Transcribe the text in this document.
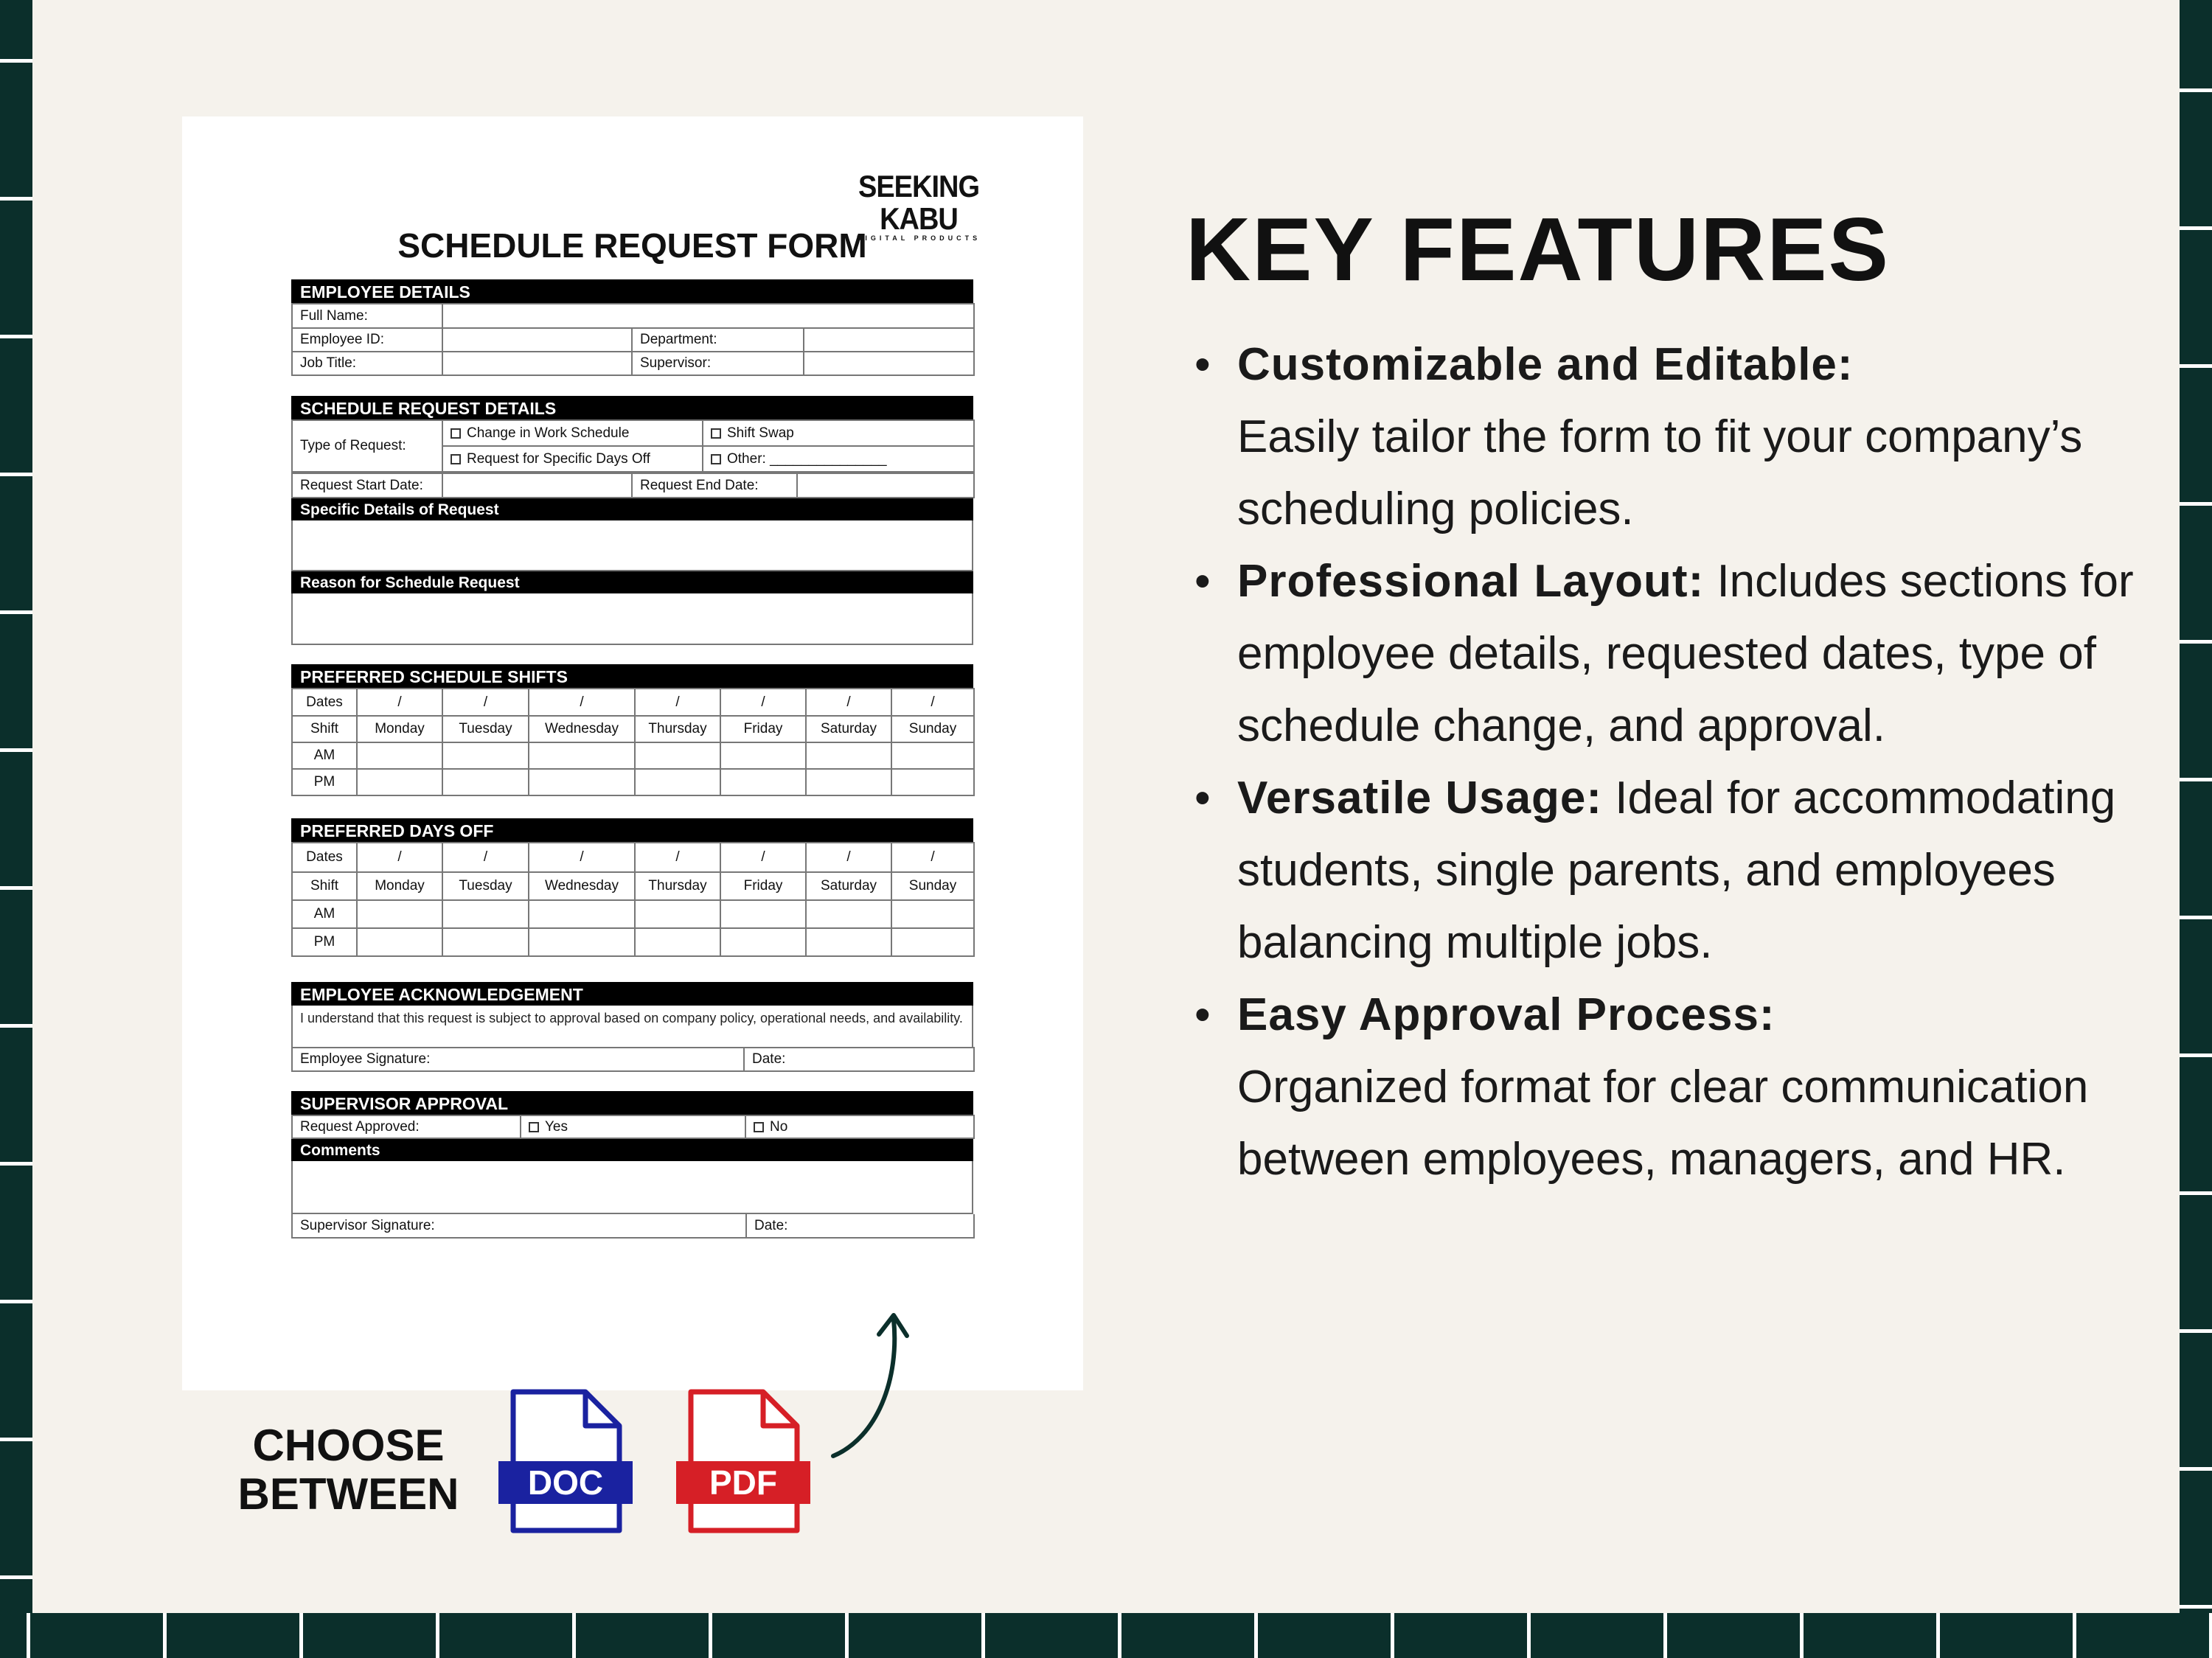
SEEKING KABU
DIGITAL PRODUCTS
SCHEDULE REQUEST FORM
EMPLOYEE DETAILS
Full Name:			
Employee ID:		Department:	
Job Title:		Supervisor:	
SCHEDULE REQUEST DETAILS
Type of Request:	Change in Work Schedule	Shift Swap
	Request for Specific Days Off	Other: _______________
Request Start Date:		Request End Date:	
Specific Details of Request
Reason for Schedule Request
PREFERRED SCHEDULE SHIFTS
Dates	/	/	/	/	/	/	/
Shift	Monday	Tuesday	Wednesday	Thursday	Friday	Saturday	Sunday
AM							
PM							
PREFERRED DAYS OFF
Dates	/	/	/	/	/	/	/
Shift	Monday	Tuesday	Wednesday	Thursday	Friday	Saturday	Sunday
AM							
PM							
EMPLOYEE ACKNOWLEDGEMENT
I understand that this request is subject to approval based on company policy, operational needs, and availability.
Employee Signature:	Date:
SUPERVISOR APPROVAL
Request Approved:	Yes	No
Comments
Supervisor Signature:	Date:
KEY FEATURES
• Customizable and Editable:
Easily tailor the form to fit your company’s scheduling policies.
• Professional Layout: Includes sections for employee details, requested dates, type of schedule change, and approval.
• Versatile Usage: Ideal for accommodating students, single parents, and employees balancing multiple jobs.
• Easy Approval Process:
Organized format for clear communication between employees, managers, and HR.
CHOOSE
BETWEEN	DOC	PDF
